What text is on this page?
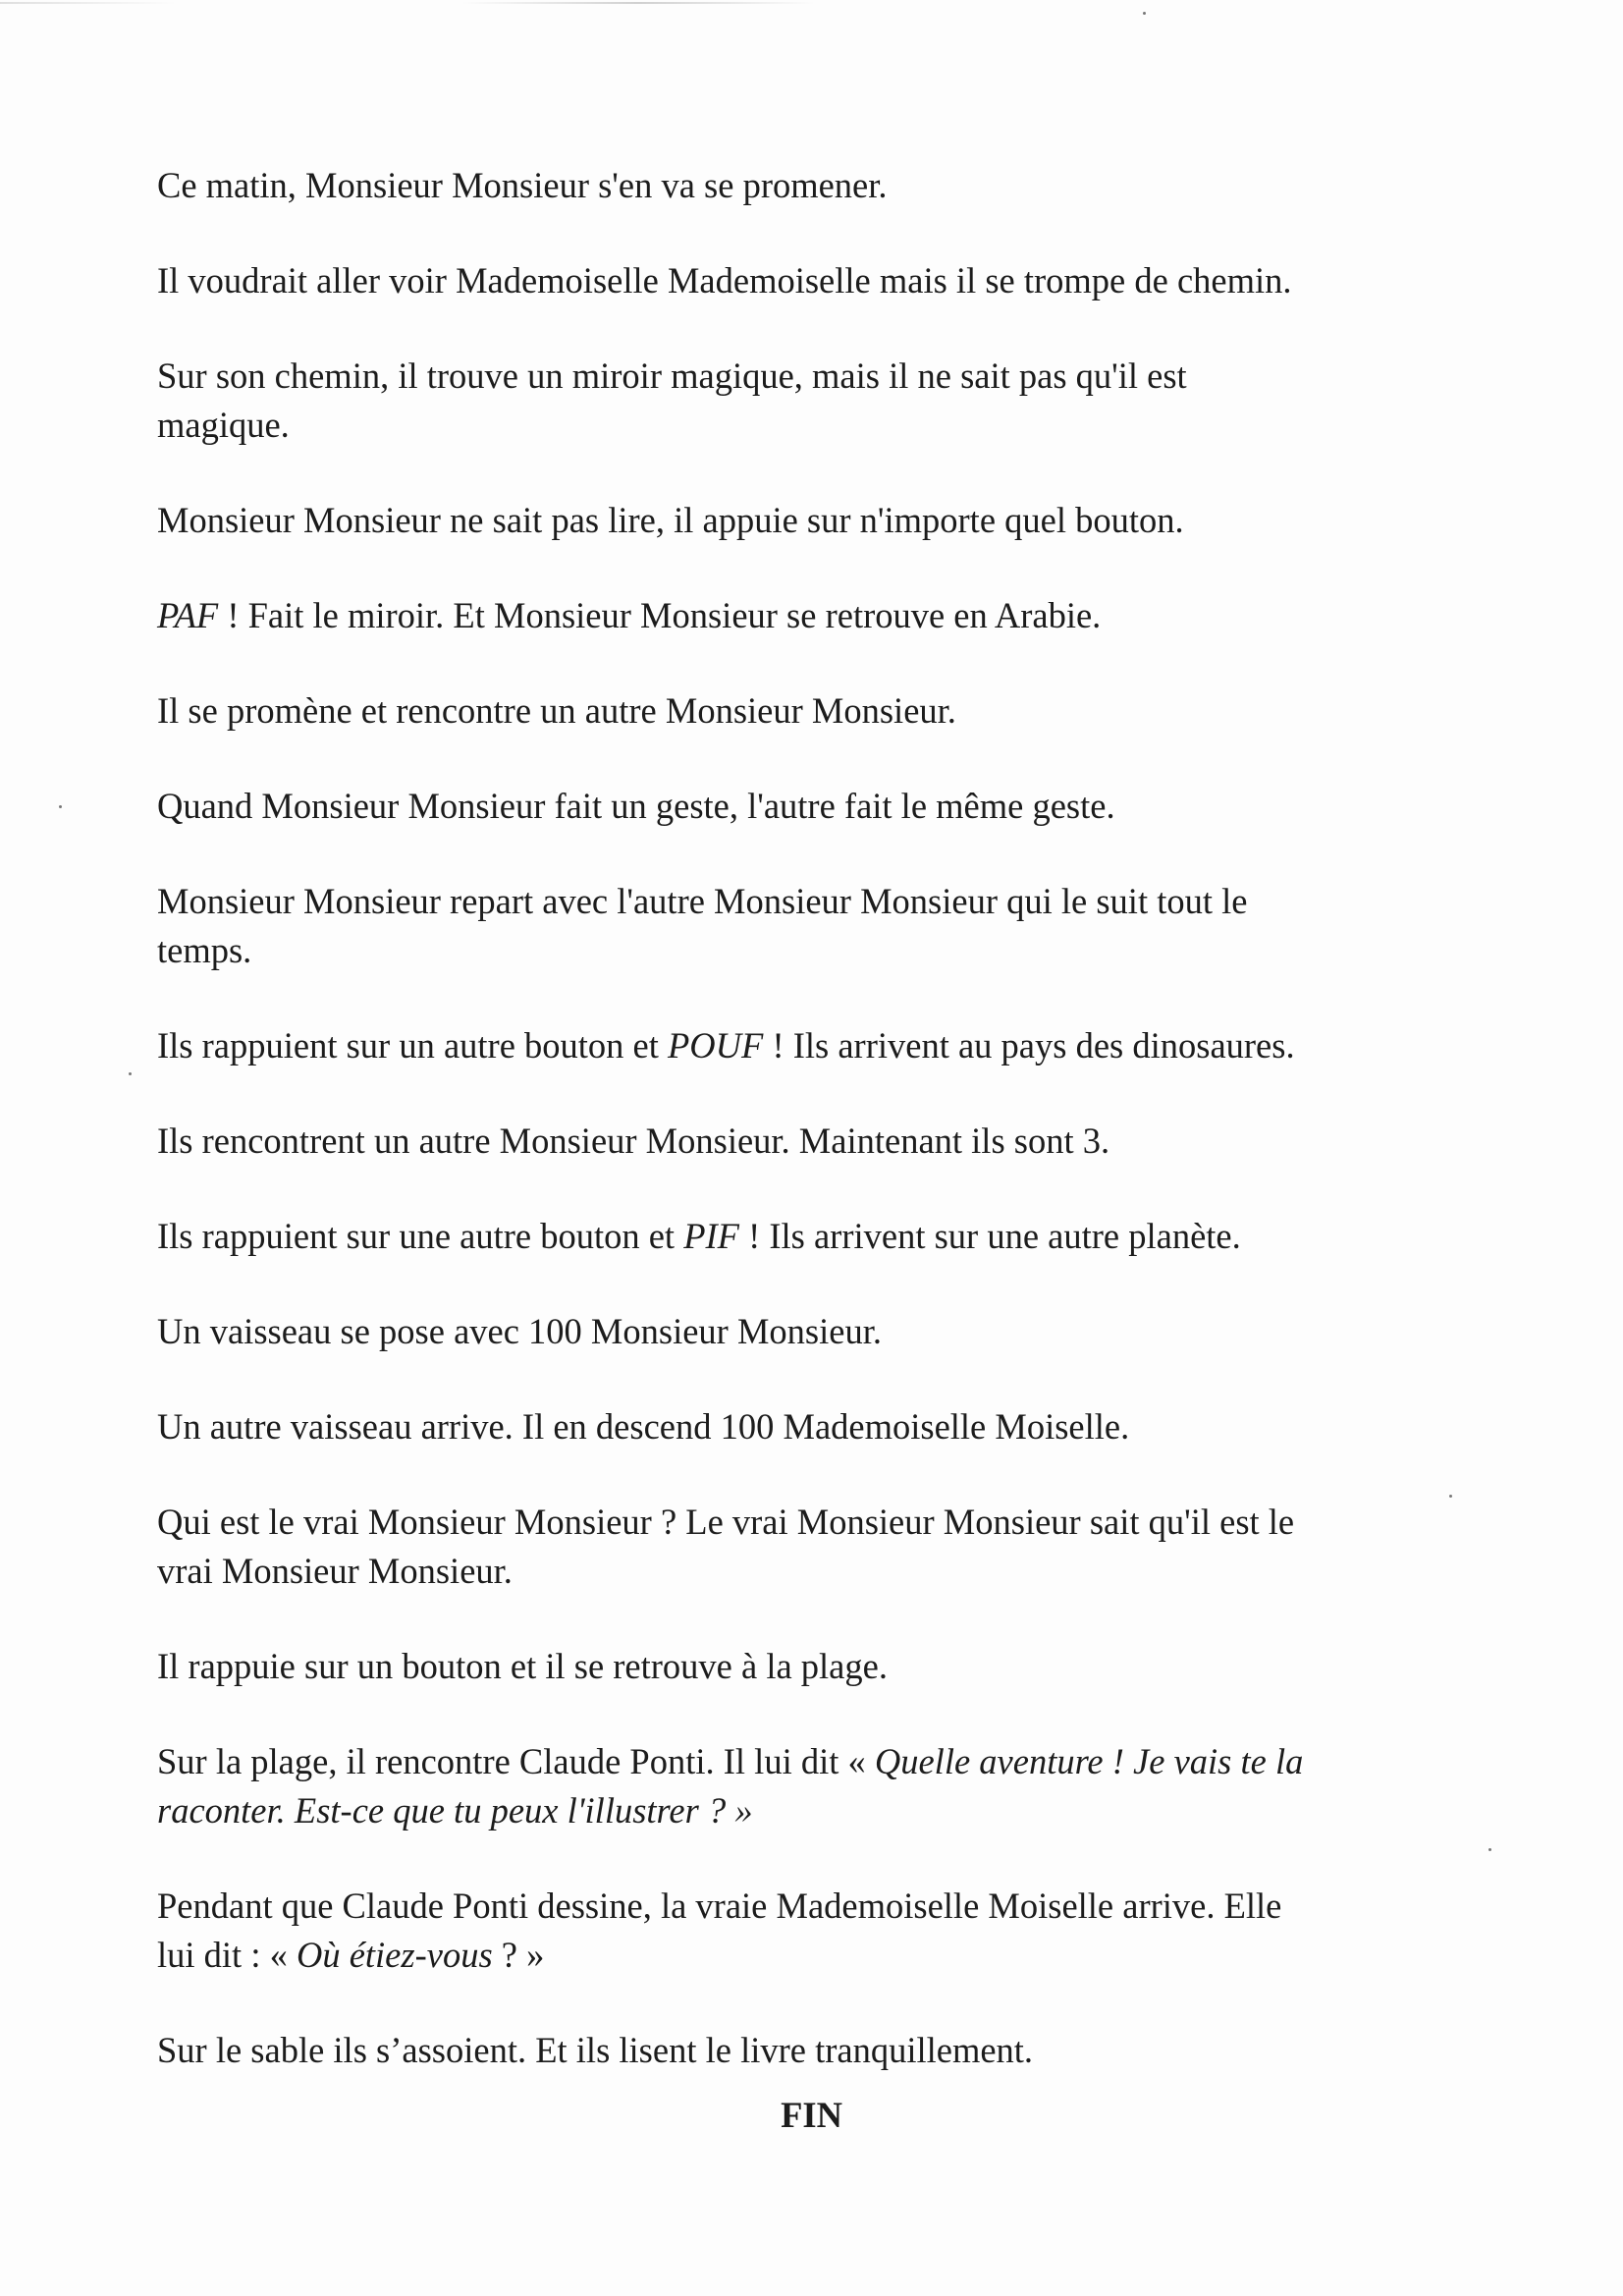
Ce matin, Monsieur Monsieur s'en va se promener.
Il voudrait aller voir Mademoiselle Mademoiselle mais il se trompe de chemin.
Sur son chemin, il trouve un miroir magique, mais il ne sait pas qu'il est
magique.
Monsieur Monsieur ne sait pas lire, il appuie sur n'importe quel bouton.
PAF ! Fait le miroir. Et Monsieur Monsieur se retrouve en Arabie.
Il se promène et rencontre un autre Monsieur Monsieur.
Quand Monsieur Monsieur fait un geste, l'autre fait le même geste.
Monsieur Monsieur repart avec l'autre Monsieur Monsieur qui le suit tout le
temps.
Ils rappuient sur un autre bouton et POUF ! Ils arrivent au pays des dinosaures.
Ils rencontrent un autre Monsieur Monsieur. Maintenant ils sont 3.
Ils rappuient sur une autre bouton et PIF ! Ils arrivent sur une autre planète.
Un vaisseau se pose avec 100 Monsieur Monsieur.
Un autre vaisseau arrive. Il en descend 100 Mademoiselle Moiselle.
Qui est le vrai Monsieur Monsieur ? Le vrai Monsieur Monsieur sait qu'il est le
vrai Monsieur Monsieur.
Il rappuie sur un bouton et il se retrouve à la plage.
Sur la plage, il rencontre Claude Ponti. Il lui dit « Quelle aventure ! Je vais te la
raconter. Est-ce que tu peux l'illustrer ? »
Pendant que Claude Ponti dessine, la vraie Mademoiselle Moiselle arrive. Elle
lui dit : « Où étiez-vous ? »
Sur le sable ils s’assoient. Et ils lisent le livre tranquillement.
FIN
